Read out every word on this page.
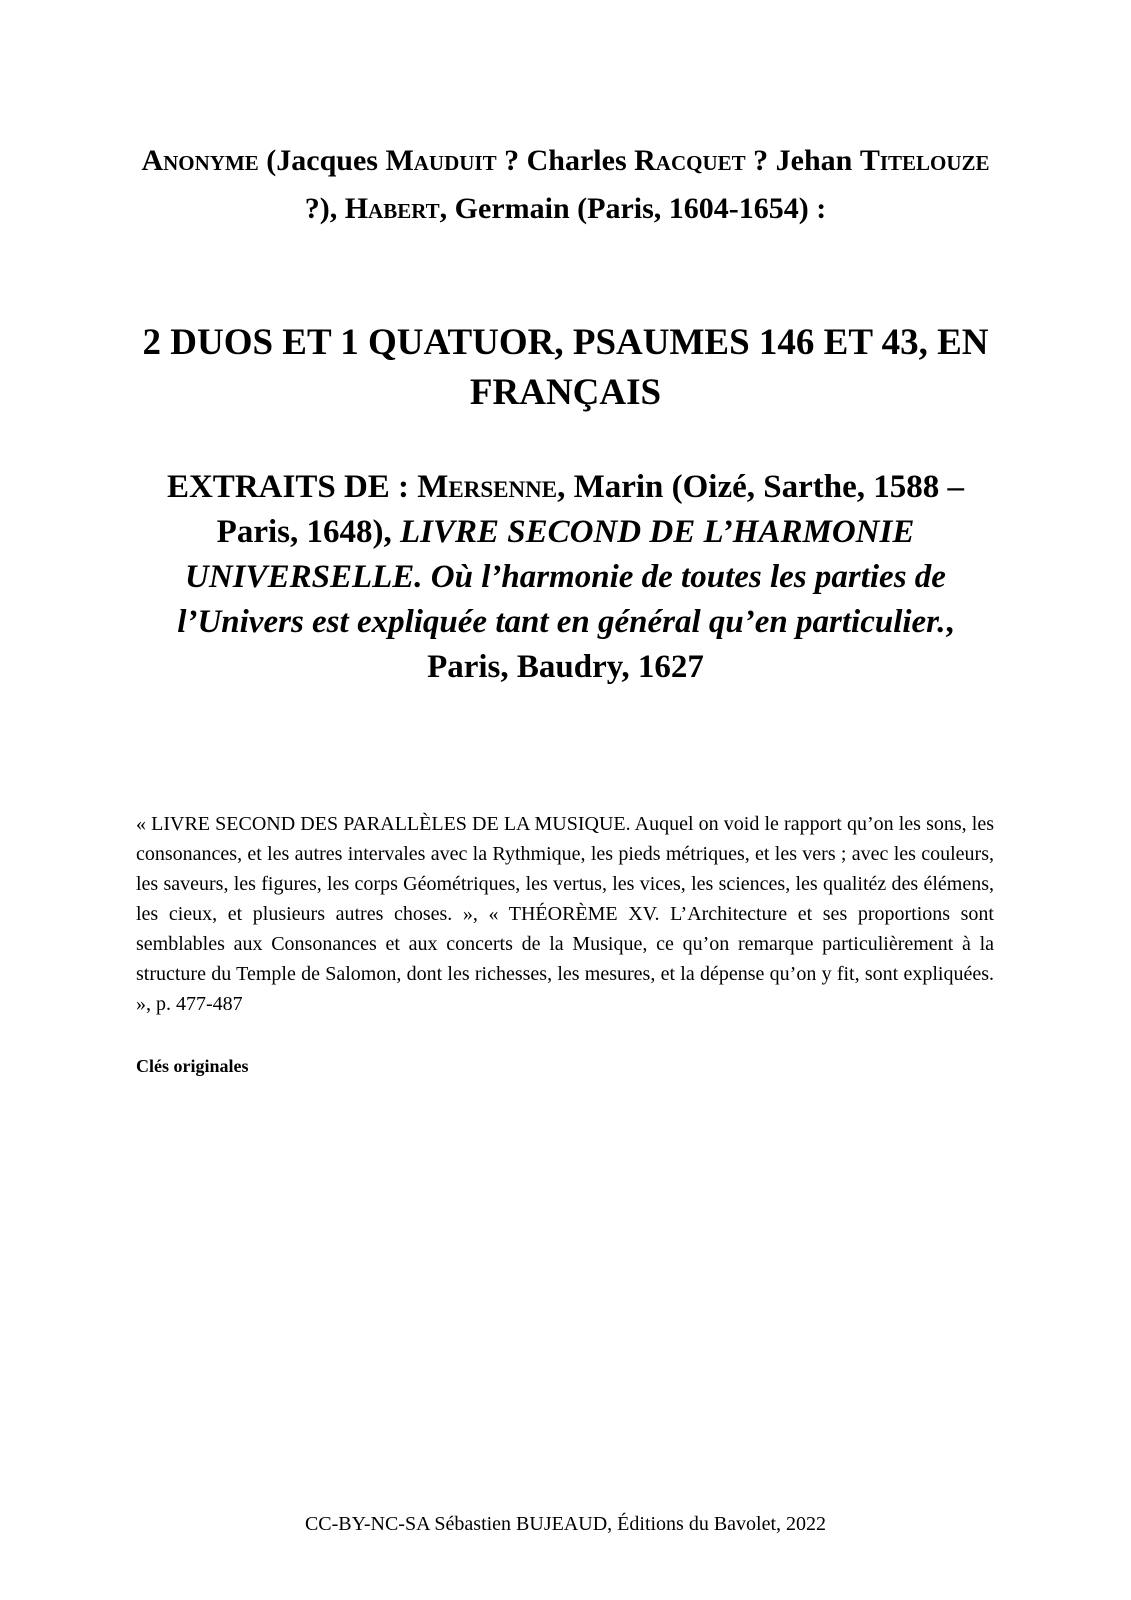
Anonyme (Jacques Mauduit ? Charles Racquet ? Jehan Titelouze ?), Habert, Germain (Paris, 1604-1654) :
2 DUOS ET 1 QUATUOR, PSAUMES 146 ET 43, EN FRANÇAIS
EXTRAITS DE : Mersenne, Marin (Oizé, Sarthe, 1588 – Paris, 1648), LIVRE SECOND DE L’HARMONIE UNIVERSELLE. Où l’harmonie de toutes les parties de l’Univers est expliquée tant en général qu’en particulier., Paris, Baudry, 1627

« LIVRE SECOND DES PARALLÈLES DE LA MUSIQUE. Auquel on void le rapport qu’on les sons, les consonances, et les autres intervales avec la Rythmique, les pieds métriques, et les vers ; avec les couleurs, les saveurs, les figures, les corps Géométriques, les vertus, les vices, les sciences, les qualitéz des élémens, les cieux, et plusieurs autres choses. », « THÉORÈME XV. L’Architecture et ses proportions sont semblables aux Consonances et aux concerts de la Musique, ce qu’on remarque particulièrement à la structure du Temple de Salomon, dont les richesses, les mesures, et la dépense qu’on y fit, sont expliquées. », p. 477-487

Clés originales
CC-BY-NC-SA Sébastien BUJEAUD, Éditions du Bavolet, 2022
